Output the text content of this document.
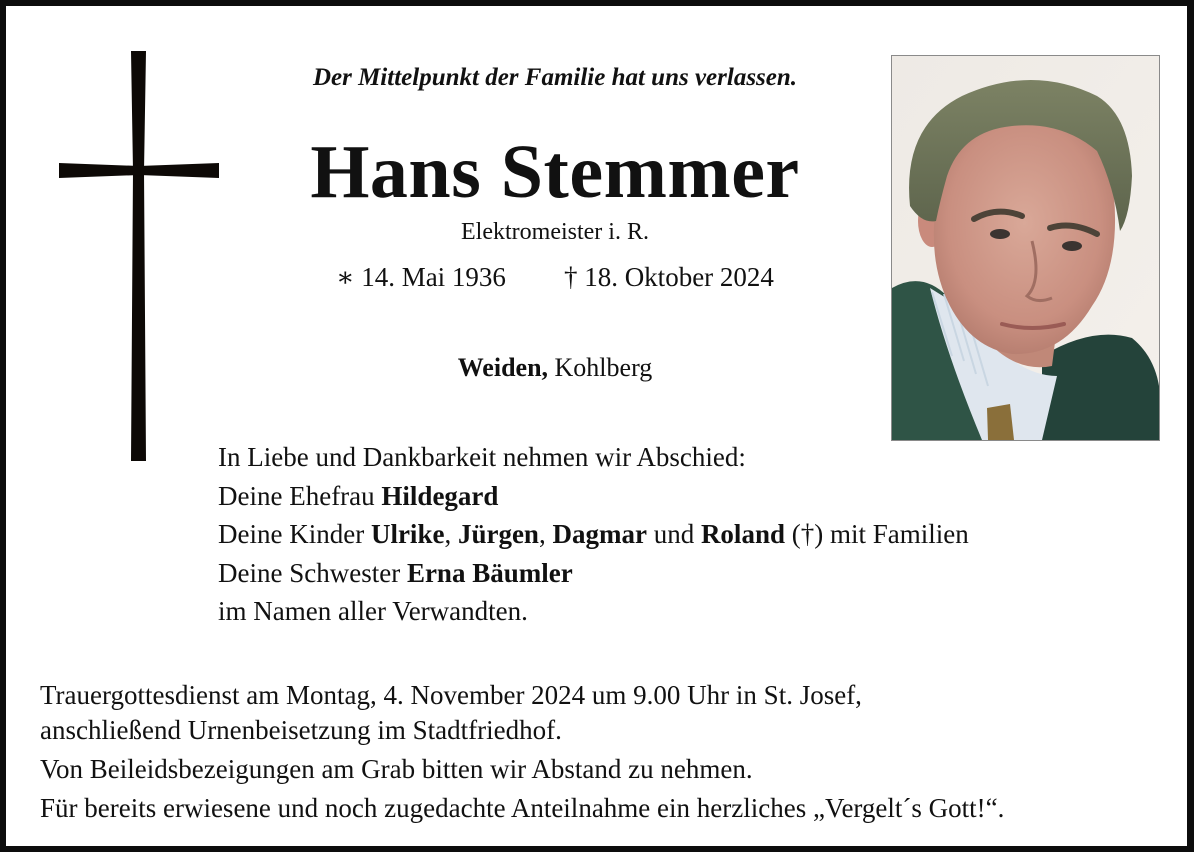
Der Mittelpunkt der Familie hat uns verlassen.
Hans Stemmer
Elektromeister i. R.
∗ 14. Mai 1936 † 18. Oktober 2024
Weiden, Kohlberg
In Liebe und Dankbarkeit nehmen wir Abschied:
Deine Ehefrau Hildegard
Deine Kinder Ulrike, Jürgen, Dagmar und Roland (†) mit Familien
Deine Schwester Erna Bäumler
im Namen aller Verwandten.
Trauergottesdienst am Montag, 4. November 2024 um 9.00 Uhr in St. Josef,
anschließend Urnenbeisetzung im Stadtfriedhof.
Von Beileidsbezeigungen am Grab bitten wir Abstand zu nehmen.
Für bereits erwiesene und noch zugedachte Anteilnahme ein herzliches „Vergelt´s Gott!“.
